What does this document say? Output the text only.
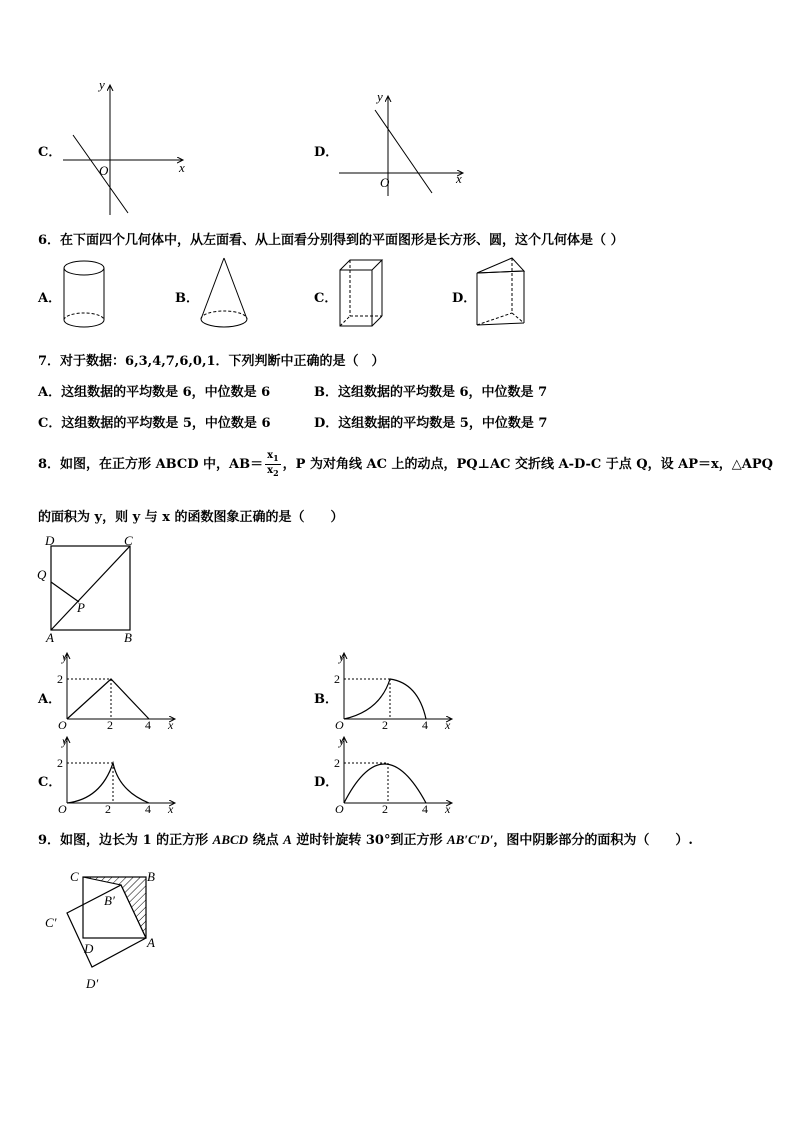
C．
y
x
O
D．
y
x
O
6．在下面四个几何体中，从左面看、从上面看分别得到的平面图形是长方形、圆，这个几何体是（ ）
A．	B．	C．	D．
7．对于数据：6,3,4,7,6,0,1．下列判断中正确的是（　）
A．这组数据的平均数是 6，中位数是 6	B．这组数据的平均数是 6，中位数是 7
C．这组数据的平均数是 5，中位数是 6	D．这组数据的平均数是 5，中位数是 7
8．如图，在正方形 ABCD 中，$AB= \frac{x_1}{x_2}$ ，P 为对角线 AC 上的动点，PQ⊥AC 交折线 A-D-C 于点 Q，设 AP＝x，△APQ
的面积为 y，则 y 与 x 的函数图象正确的是（　　）
D	C
Q
P
A	B
A．
y
2
O	2	4 x
B．
y
2
O	2	4 x
C．
y
2
O	2	4 x
D．
y
2
O	2	4 x
9．如图，边长为 1 的正方形 ABCD 绕点 A 逆时针旋转 30°到正方形 AB′C′D′，图中阴影部分的面积为（　　）.
C	B
B′
C′
D	A
D′
